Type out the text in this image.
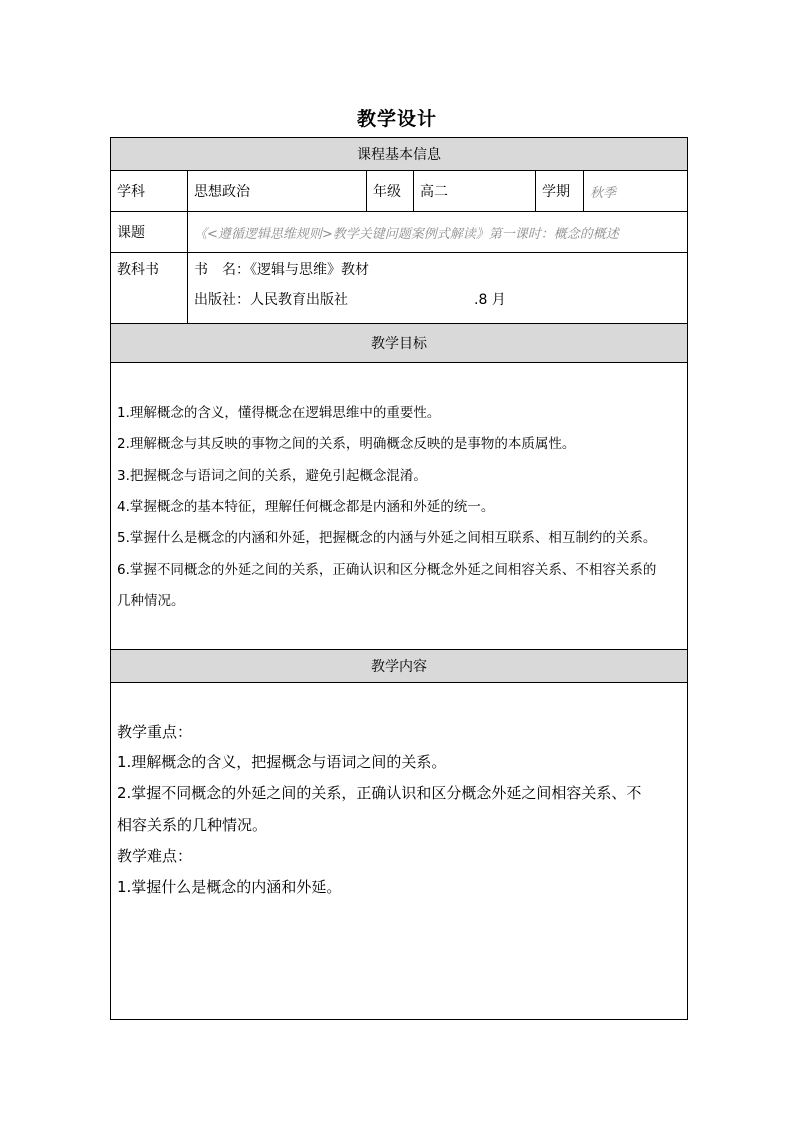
教学设计
课程基本信息
学科	思想政治	年级	高二	学期	秋季
课题	《<遵循逻辑思维规则>教学关键问题案例式解读》第一课时：概念的概述
教科书	书　名：《逻辑与思维》教材
出版社：人民教育出版社　　　　　　　　　.8 月
教学目标
1.理解概念的含义，懂得概念在逻辑思维中的重要性。
2.理解概念与其反映的事物之间的关系，明确概念反映的是事物的本质属性。
3.把握概念与语词之间的关系，避免引起概念混淆。
4.掌握概念的基本特征，理解任何概念都是内涵和外延的统一。
5.掌握什么是概念的内涵和外延，把握概念的内涵与外延之间相互联系、相互制约的关系。
6.掌握不同概念的外延之间的关系，正确认识和区分概念外延之间相容关系、不相容关系的
几种情况。
教学内容
教学重点：
1.理解概念的含义，把握概念与语词之间的关系。
2.掌握不同概念的外延之间的关系，正确认识和区分概念外延之间相容关系、不
相容关系的几种情况。
教学难点：
1.掌握什么是概念的内涵和外延。
